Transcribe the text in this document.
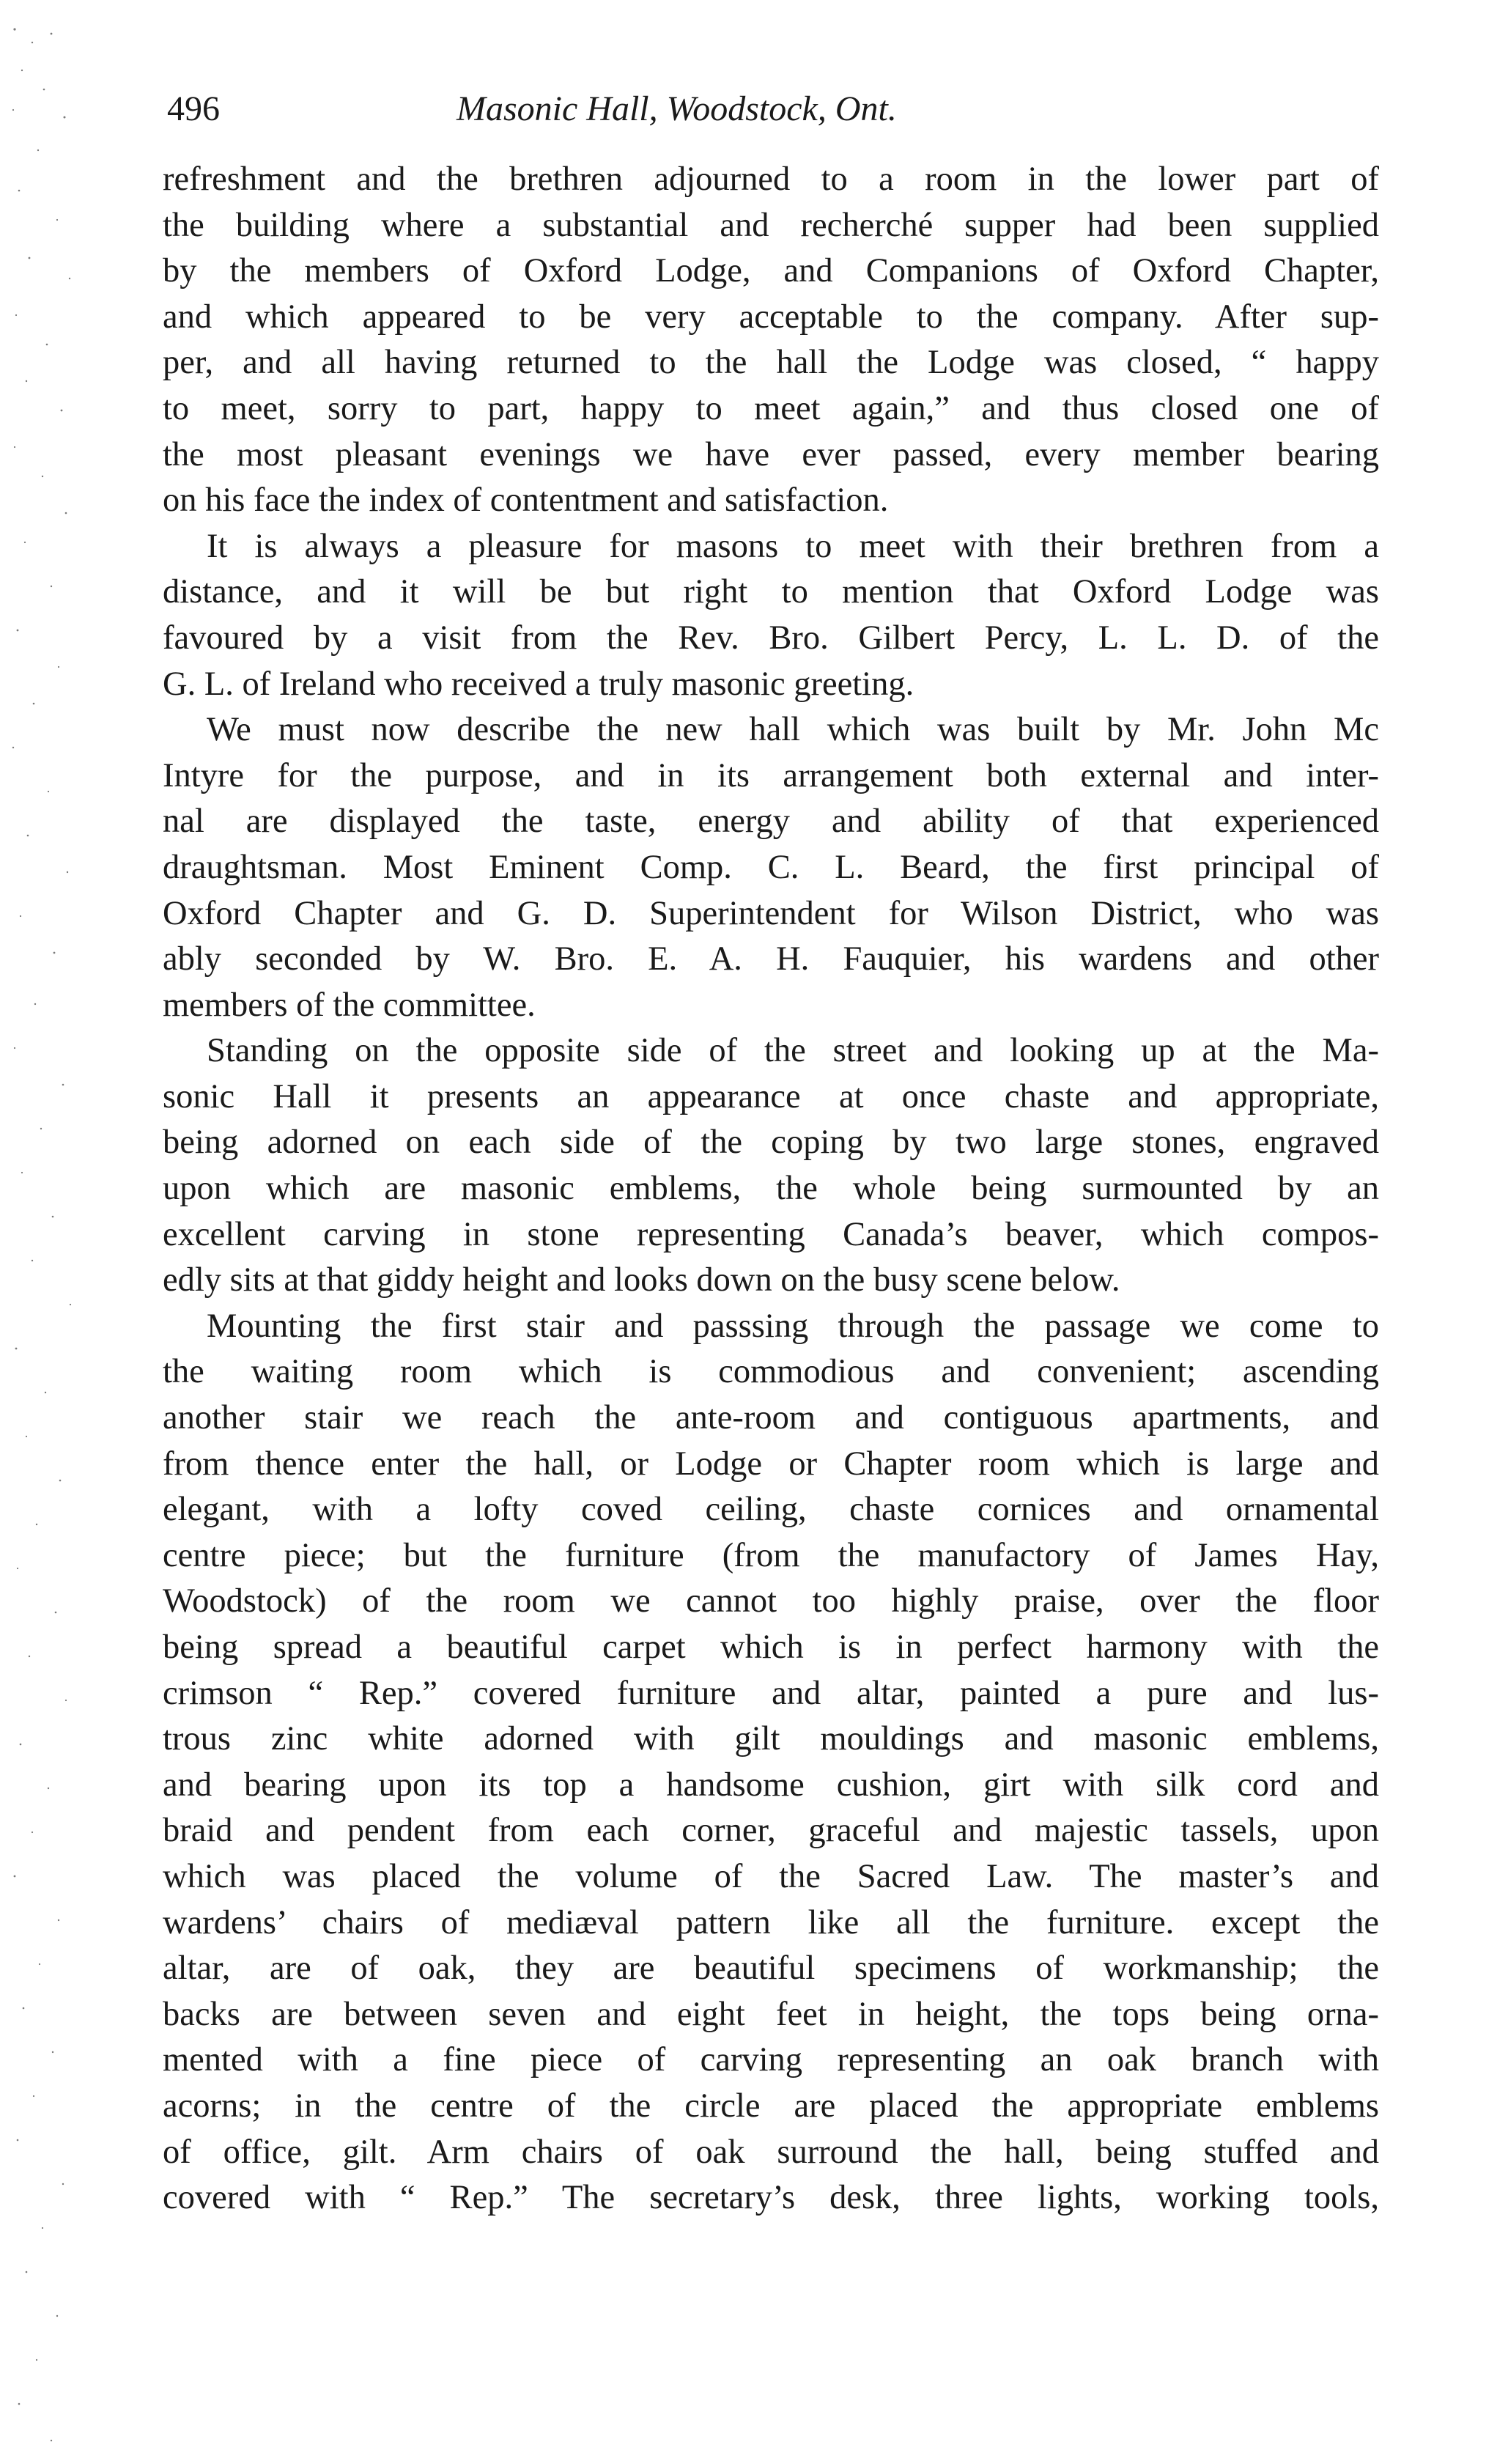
496	Masonic Hall, Woodstock, Ont.
refreshment and the brethren adjourned to a room in the lower part of
the building where a substantial and recherché supper had been supplied
by the members of Oxford Lodge, and Companions of Oxford Chapter,
and which appeared to be very acceptable to the company. After sup-
per, and all having returned to the hall the Lodge was closed, “ happy
to meet, sorry to part, happy to meet again,” and thus closed one of
the most pleasant evenings we have ever passed, every member bearing
on his face the index of contentment and satisfaction.
It is always a pleasure for masons to meet with their brethren from a
distance, and it will be but right to mention that Oxford Lodge was
favoured by a visit from the Rev. Bro. Gilbert Percy, L. L. D. of the
G. L. of Ireland who received a truly masonic greeting.
We must now describe the new hall which was built by Mr. John Mc
Intyre for the purpose, and in its arrangement both external and inter-
nal are displayed the taste, energy and ability of that experienced
draughtsman. Most Eminent Comp. C. L. Beard, the first principal of
Oxford Chapter and G. D. Superintendent for Wilson District, who was
ably seconded by W. Bro. E. A. H. Fauquier, his wardens and other
members of the committee.
Standing on the opposite side of the street and looking up at the Ma-
sonic Hall it presents an appearance at once chaste and appropriate,
being adorned on each side of the coping by two large stones, engraved
upon which are masonic emblems, the whole being surmounted by an
excellent carving in stone representing Canada’s beaver, which compos-
edly sits at that giddy height and looks down on the busy scene below.
Mounting the first stair and passsing through the passage we come to
the waiting room which is commodious and convenient; ascending
another stair we reach the ante-room and contiguous apartments, and
from thence enter the hall, or Lodge or Chapter room which is large and
elegant, with a lofty coved ceiling, chaste cornices and ornamental
centre piece; but the furniture (from the manufactory of James Hay,
Woodstock) of the room we cannot too highly praise, over the floor
being spread a beautiful carpet which is in perfect harmony with the
crimson “ Rep.” covered furniture and altar, painted a pure and lus-
trous zinc white adorned with gilt mouldings and masonic emblems,
and bearing upon its top a handsome cushion, girt with silk cord and
braid and pendent from each corner, graceful and majestic tassels, upon
which was placed the volume of the Sacred Law. The master’s and
wardens’ chairs of mediæval pattern like all the furniture. except the
altar, are of oak, they are beautiful specimens of workmanship; the
backs are between seven and eight feet in height, the tops being orna-
mented with a fine piece of carving representing an oak branch with
acorns; in the centre of the circle are placed the appropriate emblems
of office, gilt. Arm chairs of oak surround the hall, being stuffed and
covered with “ Rep.” The secretary’s desk, three lights, working tools,
